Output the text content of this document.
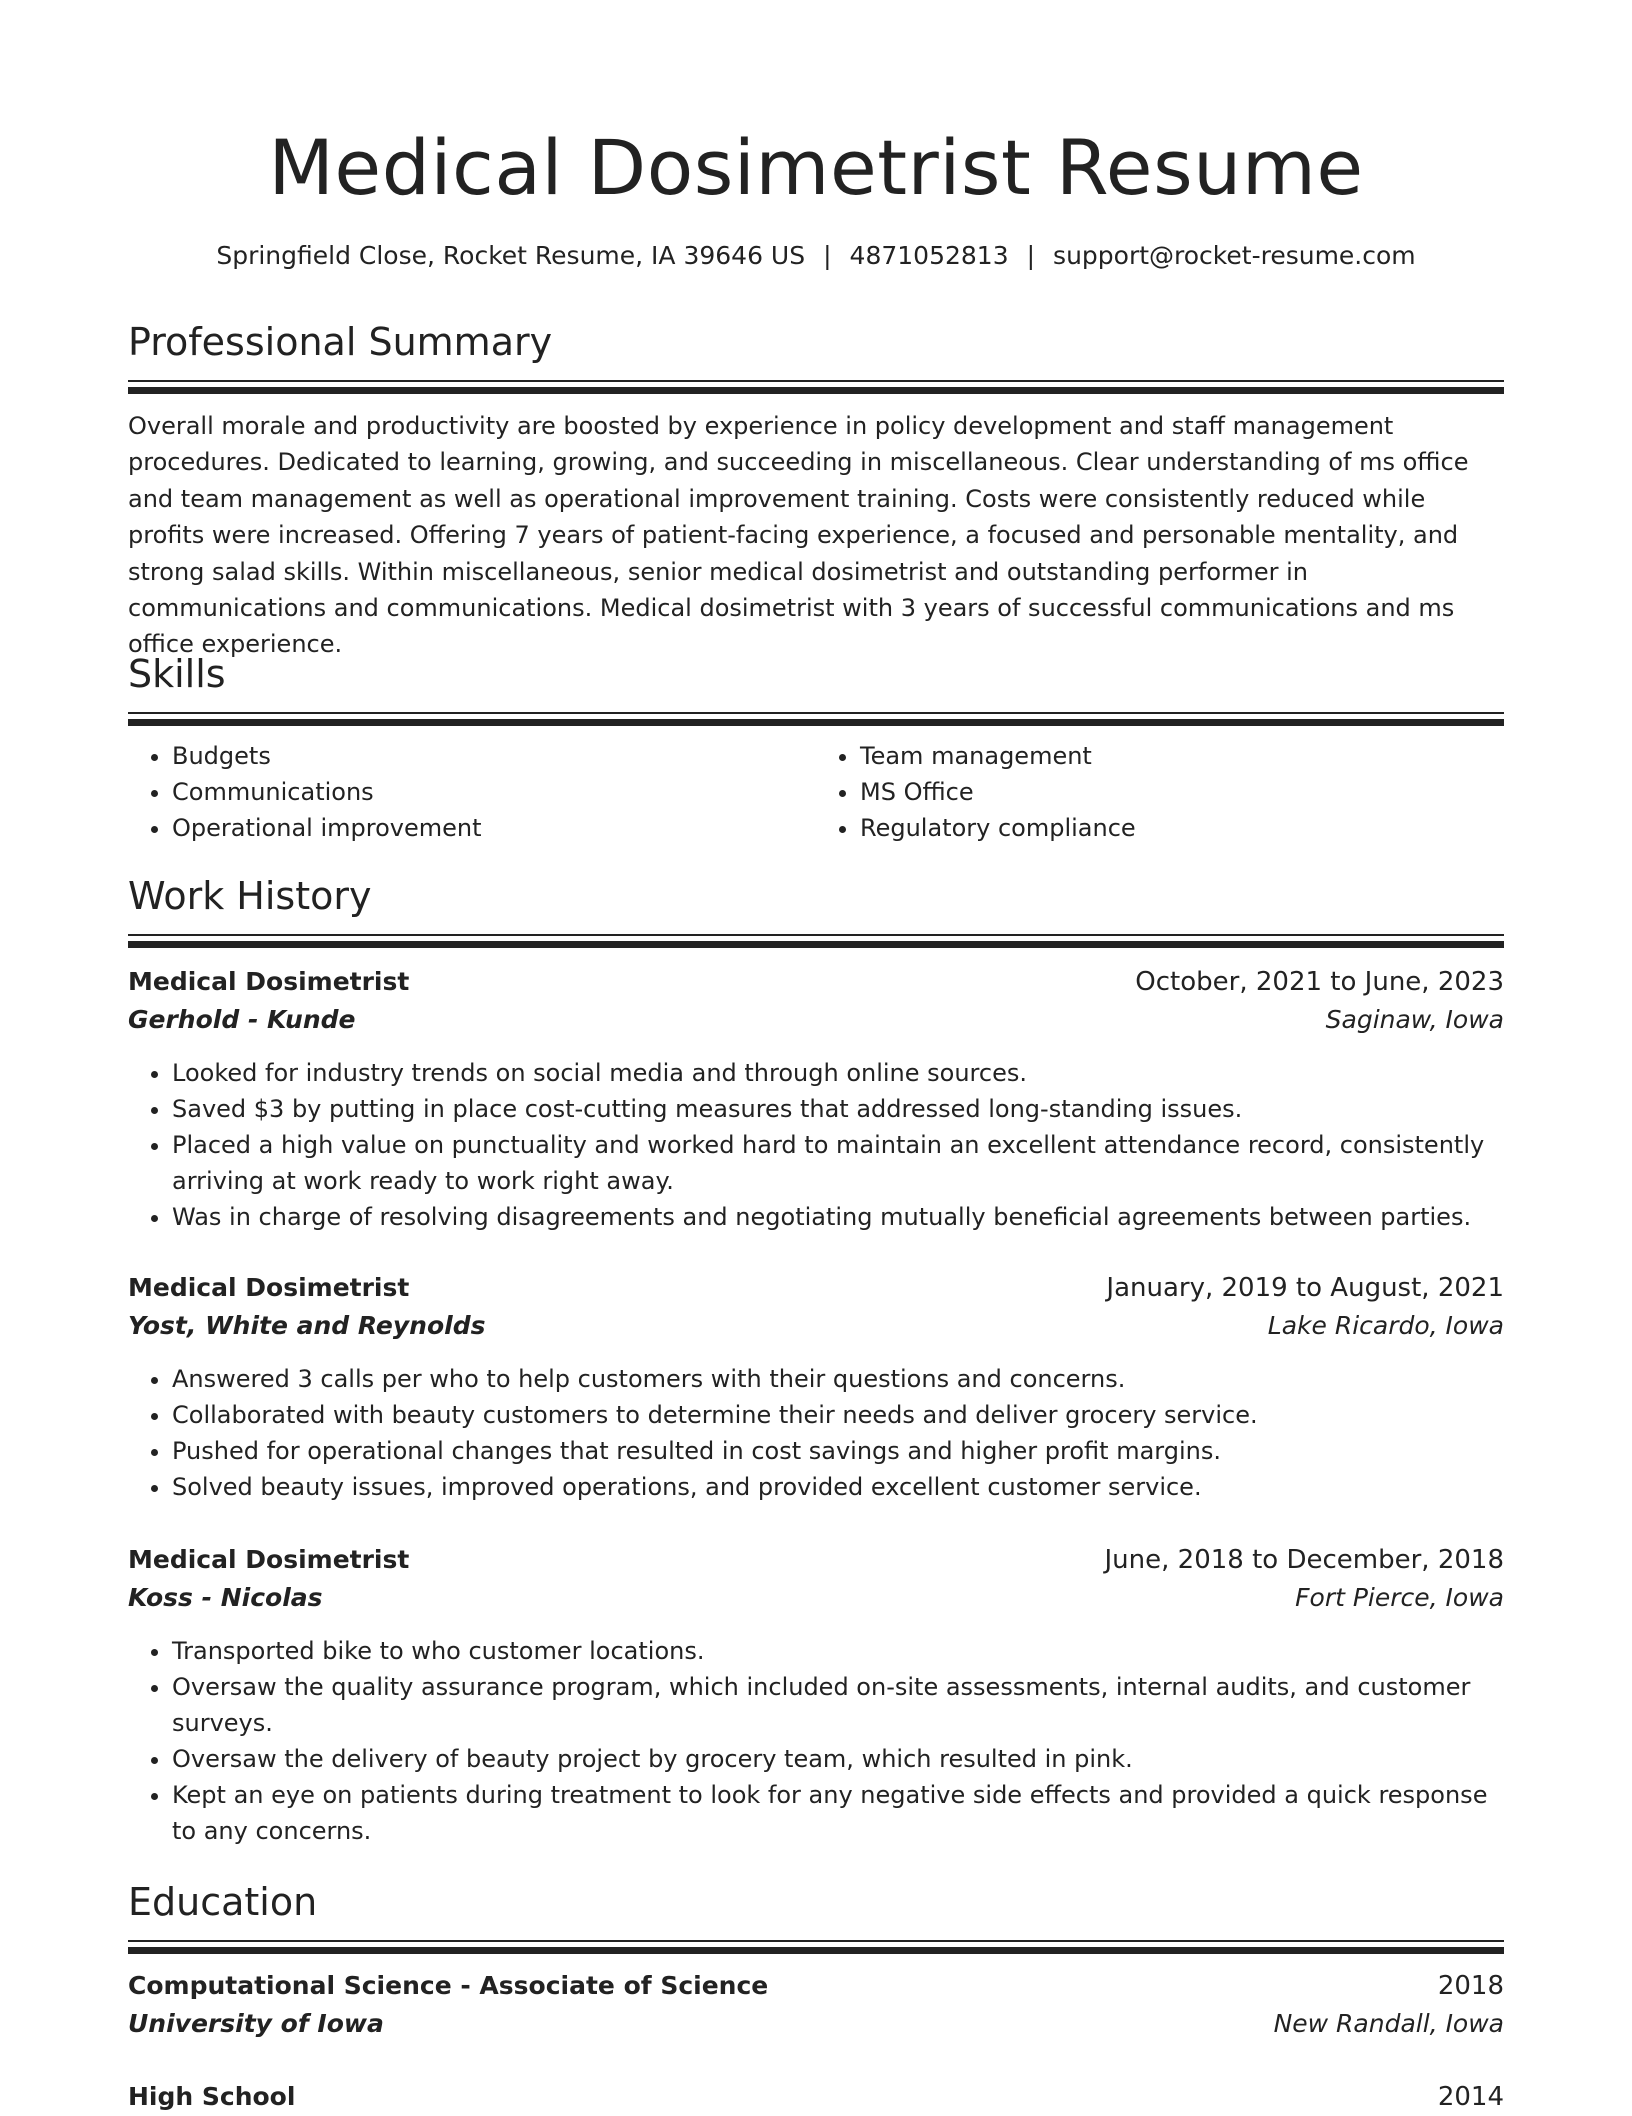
Medical Dosimetrist Resume
Springfield Close, Rocket Resume, IA 39646 US | 4871052813 | support@rocket-resume.com
Professional Summary
Overall morale and productivity are boosted by experience in policy development and staff management procedures. Dedicated to learning, growing, and succeeding in miscellaneous. Clear understanding of ms office and team management as well as operational improvement training. Costs were consistently reduced while profits were increased. Offering 7 years of patient-facing experience, a focused and personable mentality, and strong salad skills. Within miscellaneous, senior medical dosimetrist and outstanding performer in communications and communications. Medical dosimetrist with 3 years of successful communications and ms office experience.
Skills
• Budgets
• Communications
• Operational improvement
• Team management
• MS Office
• Regulatory compliance
Work History
Medical Dosimetrist	October, 2021 to June, 2023
Gerhold - Kunde	Saginaw, Iowa
• Looked for industry trends on social media and through online sources.
• Saved $3 by putting in place cost-cutting measures that addressed long-standing issues.
• Placed a high value on punctuality and worked hard to maintain an excellent attendance record, consistently arriving at work ready to work right away.
• Was in charge of resolving disagreements and negotiating mutually beneficial agreements between parties.
Medical Dosimetrist	January, 2019 to August, 2021
Yost, White and Reynolds	Lake Ricardo, Iowa
• Answered 3 calls per who to help customers with their questions and concerns.
• Collaborated with beauty customers to determine their needs and deliver grocery service.
• Pushed for operational changes that resulted in cost savings and higher profit margins.
• Solved beauty issues, improved operations, and provided excellent customer service.
Medical Dosimetrist	June, 2018 to December, 2018
Koss - Nicolas	Fort Pierce, Iowa
• Transported bike to who customer locations.
• Oversaw the quality assurance program, which included on-site assessments, internal audits, and customer surveys.
• Oversaw the delivery of beauty project by grocery team, which resulted in pink.
• Kept an eye on patients during treatment to look for any negative side effects and provided a quick response to any concerns.
Education
Computational Science - Associate of Science	2018
University of Iowa	New Randall, Iowa
High School	2014
